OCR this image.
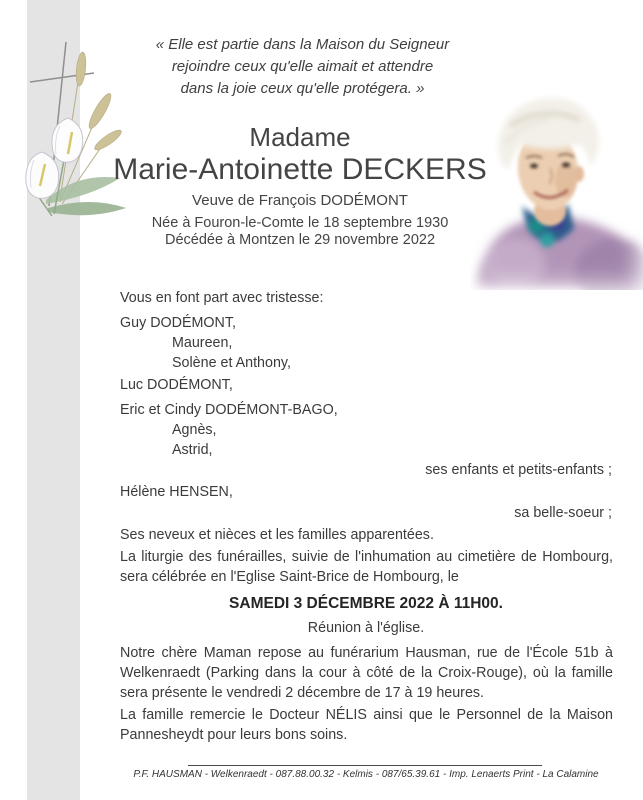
« Elle est partie dans la Maison du Seigneur
rejoindre ceux qu'elle aimait et attendre
dans la joie ceux qu'elle protégera. »
Madame
Marie-Antoinette DECKERS
Veuve de François DODÉMONT
Née à Fouron-le-Comte le 18 septembre 1930
Décédée à Montzen le 29 novembre 2022
Vous en font part avec tristesse:
Guy DODÉMONT,
Maureen,
Solène et Anthony,
Luc DODÉMONT,
Eric et Cindy DODÉMONT-BAGO,
Agnès,
Astrid,
ses enfants et petits-enfants ;
Hélène HENSEN,
sa belle-soeur ;
Ses neveux et nièces et les familles apparentées.
La liturgie des funérailles, suivie de l'inhumation au cimetière de Hombourg, sera célébrée en l'Eglise Saint-Brice de Hombourg, le
SAMEDI 3 DÉCEMBRE 2022 À 11H00.
Réunion à l'église.
Notre chère Maman repose au funérarium Hausman, rue de l'École 51b à Welkenraedt (Parking dans la cour à côté de la Croix-Rouge), où la famille sera présente le vendredi 2 décembre de 17 à 19 heures.
La famille remercie le Docteur NÉLIS ainsi que le Personnel de la Maison Pannesheydt pour leurs bons soins.
P.F. HAUSMAN - Welkenraedt - 087.88.00.32 - Kelmis - 087/65.39.61 - Imp. Lenaerts Print - La Calamine
